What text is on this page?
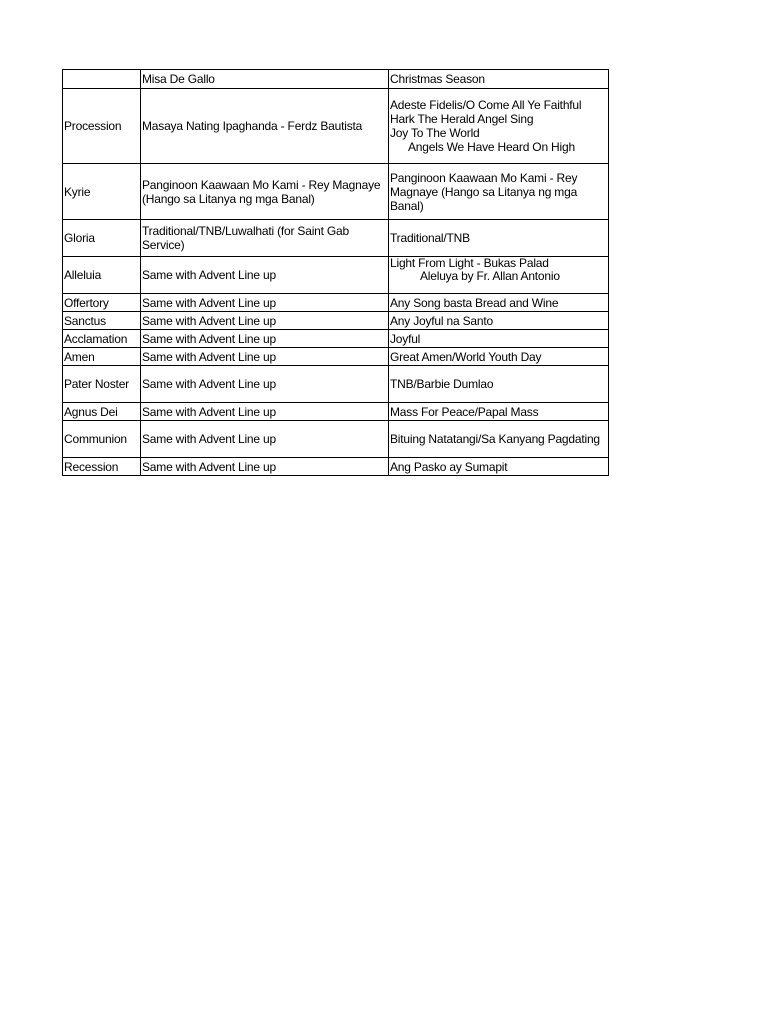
	Misa De Gallo	Christmas Season
Procession	Masaya Nating Ipaghanda - Ferdz Bautista	Adeste Fidelis/O Come All Ye Faithful
Hark The Herald Angel Sing
Joy To The World
Angels We Have Heard On High

Kyrie	Panginoon Kaawaan Mo Kami - Rey Magnaye (Hango sa Litanya ng mga Banal)	Panginoon Kaawaan Mo Kami - Rey Magnaye (Hango sa Litanya ng mga Banal)
Gloria	Traditional/TNB/Luwalhati (for Saint Gab Service)	Traditional/TNB
Alleluia	Same with Advent Line up	Light From Light - Bukas Palad
Aleluya by Fr. Allan Antonio

Offertory	Same with Advent Line up	Any Song basta Bread and Wine
Sanctus	Same with Advent Line up	Any Joyful na Santo
Acclamation	Same with Advent Line up	Joyful
Amen	Same with Advent Line up	Great Amen/World Youth Day
Pater Noster	Same with Advent Line up	TNB/Barbie Dumlao
Agnus Dei	Same with Advent Line up	Mass For Peace/Papal Mass
Communion	Same with Advent Line up	Bituing Natatangi/Sa Kanyang Pagdating
Recession	Same with Advent Line up	Ang Pasko ay Sumapit
